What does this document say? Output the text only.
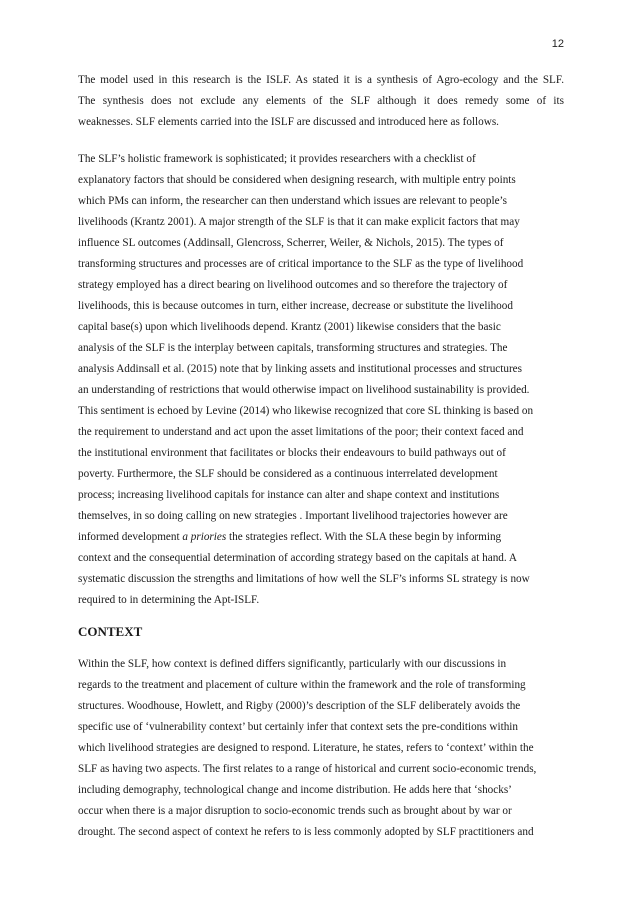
12
The model used in this research is the ISLF. As stated it is a synthesis of Agro-ecology and the SLF.
The synthesis does not exclude any elements of the SLF although it does remedy some of its
weaknesses. SLF elements carried into the ISLF are discussed and introduced here as follows.
The SLF’s holistic framework is sophisticated; it provides researchers with a checklist of
explanatory factors that should be considered when designing research, with multiple entry points
which PMs can inform, the researcher can then understand which issues are relevant to people’s
livelihoods (Krantz 2001). A major strength of the SLF is that it can make explicit factors that may
influence SL outcomes (Addinsall, Glencross, Scherrer, Weiler, & Nichols, 2015). The types of
transforming structures and processes are of critical importance to the SLF as the type of livelihood
strategy employed has a direct bearing on livelihood outcomes and so therefore the trajectory of
livelihoods, this is because outcomes in turn, either increase, decrease or substitute the livelihood
capital base(s) upon which livelihoods depend. Krantz (2001) likewise considers that the basic
analysis of the SLF is the interplay between capitals, transforming structures and strategies. The
analysis Addinsall et al. (2015) note that by linking assets and institutional processes and structures
an understanding of restrictions that would otherwise impact on livelihood sustainability is provided.
This sentiment is echoed by Levine (2014) who likewise recognized that core SL thinking is based on
the requirement to understand and act upon the asset limitations of the poor; their context faced and
the institutional environment that facilitates or blocks their endeavours to build pathways out of
poverty. Furthermore, the SLF should be considered as a continuous interrelated development
process; increasing livelihood capitals for instance can alter and shape context and institutions
themselves, in so doing calling on new strategies . Important livelihood trajectories however are
informed development a priories the strategies reflect. With the SLA these begin by informing
context and the consequential determination of according strategy based on the capitals at hand. A
systematic discussion the strengths and limitations of how well the SLF’s informs SL strategy is now
required to in determining the Apt-ISLF.
CONTEXT
Within the SLF, how context is defined differs significantly, particularly with our discussions in
regards to the treatment and placement of culture within the framework and the role of transforming
structures. Woodhouse, Howlett, and Rigby (2000)’s description of the SLF deliberately avoids the
specific use of ‘vulnerability context’ but certainly infer that context sets the pre-conditions within
which livelihood strategies are designed to respond. Literature, he states, refers to ‘context’ within the
SLF as having two aspects. The first relates to a range of historical and current socio-economic trends,
including demography, technological change and income distribution. He adds here that ‘shocks’
occur when there is a major disruption to socio-economic trends such as brought about by war or
drought. The second aspect of context he refers to is less commonly adopted by SLF practitioners and
